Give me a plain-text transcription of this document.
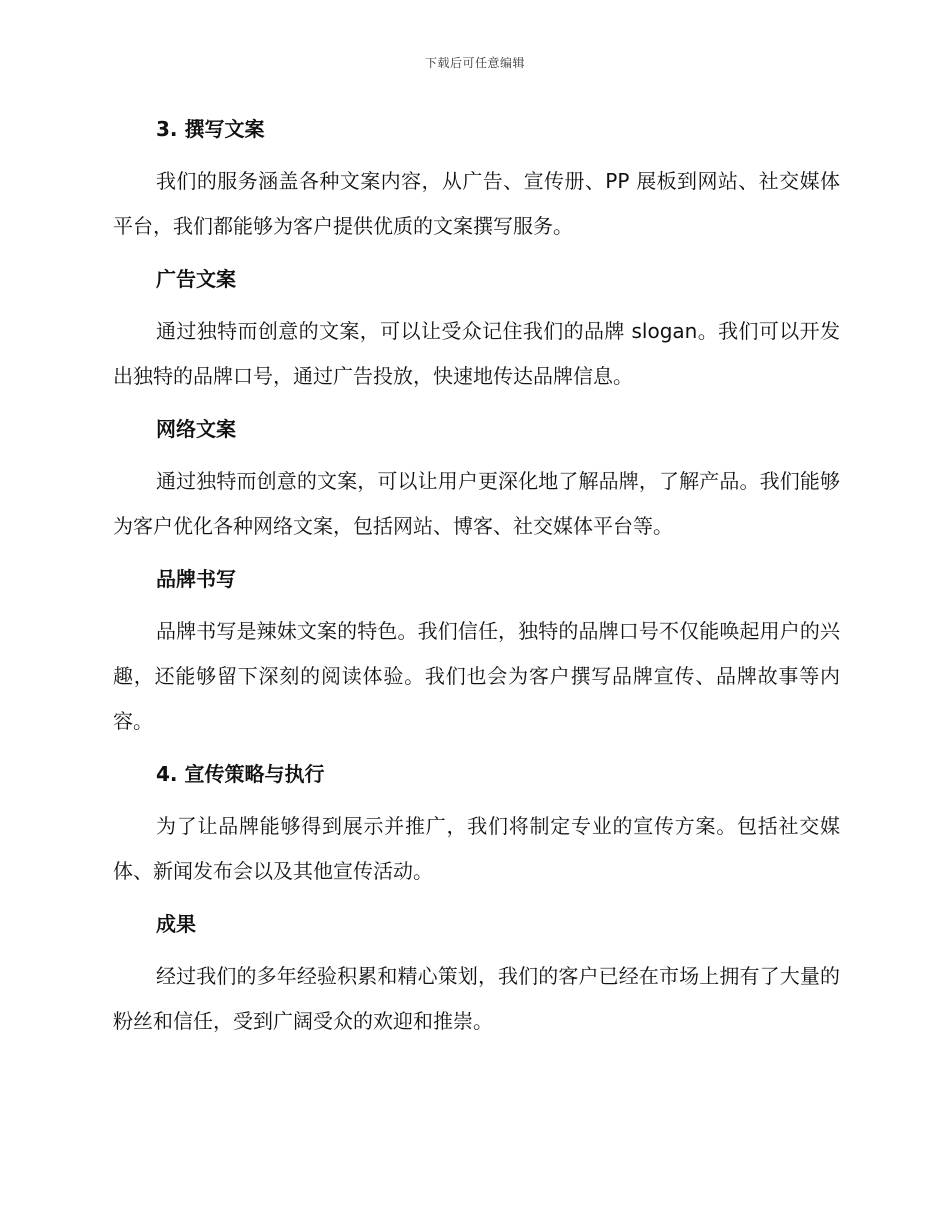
下载后可任意编辑
3. 撰写文案

我们的服务涵盖各种文案内容，从广告、宣传册、PP 展板到网站、社交媒体平台，我们都能够为客户提供优质的文案撰写服务。

广告文案

通过独特而创意的文案，可以让受众记住我们的品牌 slogan。我们可以开发出独特的品牌口号，通过广告投放，快速地传达品牌信息。

网络文案

通过独特而创意的文案，可以让用户更深化地了解品牌，了解产品。我们能够为客户优化各种网络文案，包括网站、博客、社交媒体平台等。

品牌书写

品牌书写是辣妹文案的特色。我们信任，独特的品牌口号不仅能唤起用户的兴趣，还能够留下深刻的阅读体验。我们也会为客户撰写品牌宣传、品牌故事等内容。

4. 宣传策略与执行

为了让品牌能够得到展示并推广，我们将制定专业的宣传方案。包括社交媒体、新闻发布会以及其他宣传活动。

成果

经过我们的多年经验积累和精心策划，我们的客户已经在市场上拥有了大量的粉丝和信任，受到广阔受众的欢迎和推崇。
